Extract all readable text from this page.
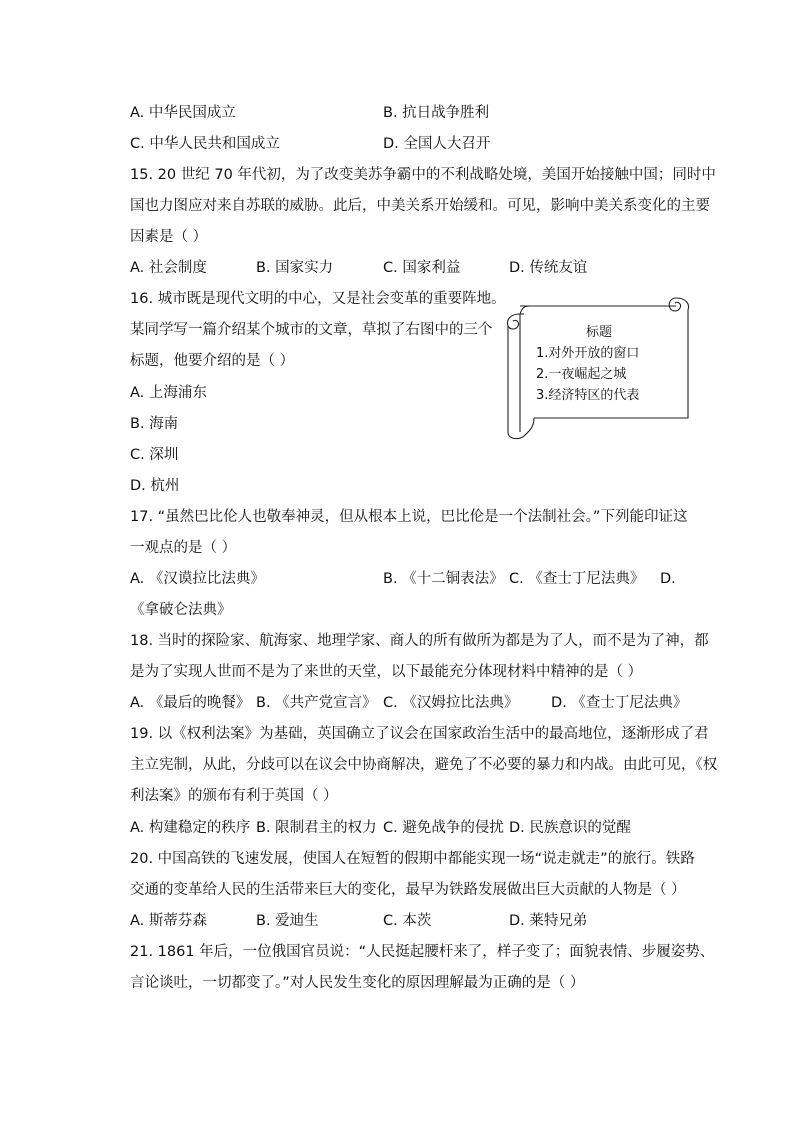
A. 中华民国成立	B. 抗日战争胜利
C. 中华人民共和国成立	D. 全国人大召开
15. 20 世纪 70 年代初，为了改变美苏争霸中的不利战略处境，美国开始接触中国；同时中
国也力图应对来自苏联的威胁。此后，中美关系开始缓和。可见，影响中美关系变化的主要
因素是（ ）
A. 社会制度	B. 国家实力	C. 国家利益	D. 传统友谊
16. 城市既是现代文明的中心，又是社会变革的重要阵地。
某同学写一篇介绍某个城市的文章，草拟了右图中的三个
标题，他要介绍的是（ ）
A. 上海浦东
B. 海南
C. 深圳
D. 杭州
标题
1.对外开放的窗口
2.一夜崛起之城
3.经济特区的代表
17. “虽然巴比伦人也敬奉神灵，但从根本上说，巴比伦是一个法制社会。”下列能印证这
一观点的是（ ）
A. 《汉谟拉比法典》	B. 《十二铜表法》 C. 《查士丁尼法典》 D.
《拿破仑法典》
18. 当时的探险家、航海家、地理学家、商人的所有做所为都是为了人，而不是为了神，都
是为了实现人世而不是为了来世的天堂，以下最能充分体现材料中精神的是（ ）
A. 《最后的晚餐》 B. 《共产党宣言》 C. 《汉姆拉比法典》 D. 《查士丁尼法典》
19. 以《权利法案》为基础，英国确立了议会在国家政治生活中的最高地位，逐渐形成了君
主立宪制，从此，分歧可以在议会中协商解决，避免了不必要的暴力和内战。由此可见，《权
利法案》的颁布有利于英国（ ）
A. 构建稳定的秩序 B. 限制君主的权力 C. 避免战争的侵扰 D. 民族意识的觉醒
20. 中国高铁的飞速发展，使国人在短暂的假期中都能实现一场“说走就走”的旅行。铁路
交通的变革给人民的生活带来巨大的变化，最早为铁路发展做出巨大贡献的人物是（ ）
A. 斯蒂芬森	B. 爱迪生	C. 本茨	D. 莱特兄弟
21. 1861 年后，一位俄国官员说：“人民挺起腰杆来了，样子变了；面貌表情、步履姿势、
言论谈吐，一切都变了。”对人民发生变化的原因理解最为正确的是（ ）
